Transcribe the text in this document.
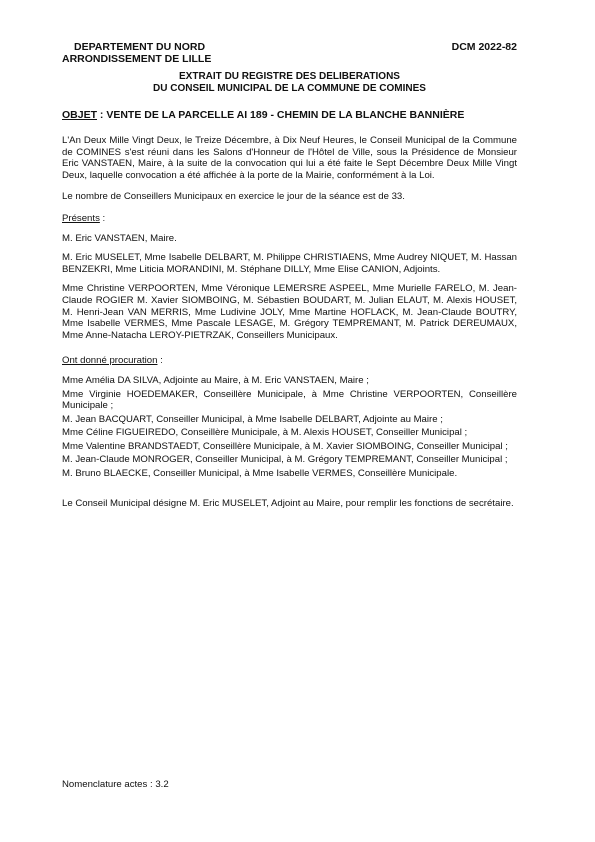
DEPARTEMENT DU NORD
ARRONDISSEMENT DE LILLE
DCM 2022-82
EXTRAIT DU REGISTRE DES DELIBERATIONS
DU CONSEIL MUNICIPAL DE LA COMMUNE DE COMINES
OBJET : VENTE DE LA PARCELLE AI 189 - CHEMIN DE LA BLANCHE BANNIÈRE

L'An Deux Mille Vingt Deux, le Treize Décembre, à Dix Neuf Heures, le Conseil Municipal de la Commune de COMINES s'est réuni dans les Salons d'Honneur de l'Hôtel de Ville, sous la Présidence de Monsieur Eric VANSTAEN, Maire, à la suite de la convocation qui lui a été faite le Sept Décembre Deux Mille Vingt Deux, laquelle convocation a été affichée à la porte de la Mairie, conformément à la Loi.

Le nombre de Conseillers Municipaux en exercice le jour de la séance est de 33.

Présents :

M. Eric VANSTAEN, Maire.

M. Eric MUSELET, Mme Isabelle DELBART, M. Philippe CHRISTIAENS, Mme Audrey NIQUET, M. Hassan BENZEKRI, Mme Liticia MORANDINI, M. Stéphane DILLY, Mme Elise CANION, Adjoints.

Mme Christine VERPOORTEN, Mme Véronique LEMERSRE ASPEEL, Mme Murielle FARELO, M. Jean-Claude ROGIER M. Xavier SIOMBOING, M. Sébastien BOUDART, M. Julian ELAUT, M. Alexis HOUSET, M. Henri-Jean VAN MERRIS, Mme Ludivine JOLY, Mme Martine HOFLACK, M. Jean-Claude BOUTRY, Mme Isabelle VERMES, Mme Pascale LESAGE, M. Grégory TEMPREMANT, M. Patrick DEREUMAUX, Mme Anne-Natacha LEROY-PIETRZAK, Conseillers Municipaux.

Ont donné procuration :

Mme Amélia DA SILVA, Adjointe au Maire, à M. Eric VANSTAEN, Maire ;

Mme Virginie HOEDEMAKER, Conseillère Municipale, à Mme Christine VERPOORTEN, Conseillère Municipale ;

M. Jean BACQUART, Conseiller Municipal, à Mme Isabelle DELBART, Adjointe au Maire ;

Mme Céline FIGUEIREDO, Conseillère Municipale, à M. Alexis HOUSET, Conseiller Municipal ;

Mme Valentine BRANDSTAEDT, Conseillère Municipale, à M. Xavier SIOMBOING, Conseiller Municipal ;

M. Jean-Claude MONROGER, Conseiller Municipal, à M. Grégory TEMPREMANT, Conseiller Municipal ;

M. Bruno BLAECKE, Conseiller Municipal, à Mme Isabelle VERMES, Conseillère Municipale.

Le Conseil Municipal désigne M. Eric MUSELET, Adjoint au Maire, pour remplir les fonctions de secrétaire.

Nomenclature actes : 3.2
